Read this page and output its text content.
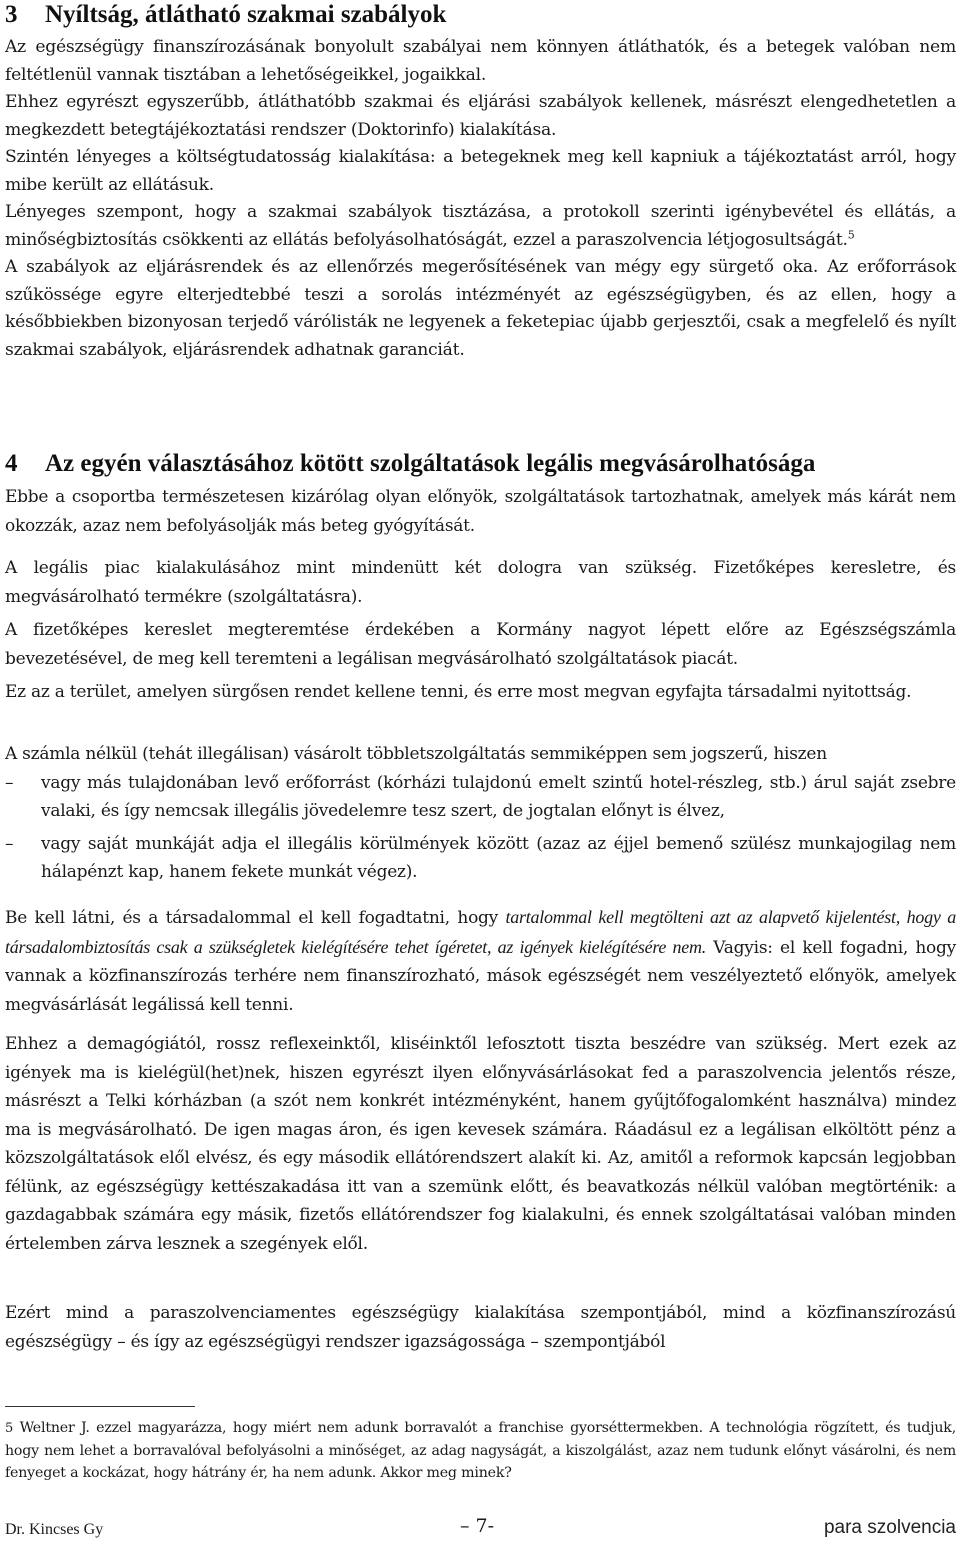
3 Nyíltság, átlátható szakmai szabályok

Az egészségügy finanszírozásának bonyolult szabályai nem könnyen átláthatók, és a betegek valóban nem feltétlenül vannak tisztában a lehetőségeikkel, jogaikkal.

Ehhez egyrészt egyszerűbb, átláthatóbb szakmai és eljárási szabályok kellenek, másrészt elengedhetetlen a megkezdett betegtájékoztatási rendszer (Doktorinfo) kialakítása.

Szintén lényeges a költségtudatosság kialakítása: a betegeknek meg kell kapniuk a tájékoztatást arról, hogy mibe került az ellátásuk.

Lényeges szempont, hogy a szakmai szabályok tisztázása, a protokoll szerinti igénybevétel és ellátás, a minőségbiztosítás csökkenti az ellátás befolyásolhatóságát, ezzel a paraszolvencia létjogosultságát.$^5$

A szabályok az eljárásrendek és az ellenőrzés megerősítésének van mégy egy sürgető oka. Az erőforrások szűkössége egyre elterjedtebbé teszi a sorolás intézményét az egészségügyben, és az ellen, hogy a későbbiekben bizonyosan terjedő várólisták ne legyenek a feketepiac újabb gerjesztői, csak a megfelelő és nyílt szakmai szabályok, eljárásrendek adhatnak garanciát.

4 Az egyén választásához kötött szolgáltatások legális megvásárolhatósága

Ebbe a csoportba természetesen kizárólag olyan előnyök, szolgáltatások tartozhatnak, amelyek más kárát nem okozzák, azaz nem befolyásolják más beteg gyógyítását.

A legális piac kialakulásához mint mindenütt két dologra van szükség. Fizetőképes keresletre, és megvásárolható termékre (szolgáltatásra).

A fizetőképes kereslet megteremtése érdekében a Kormány nagyot lépett előre az Egészségszámla bevezetésével, de meg kell teremteni a legálisan megvásárolható szolgáltatások piacát.

Ez az a terület, amelyen sürgősen rendet kellene tenni, és erre most megvan egyfajta társadalmi nyitottság.

A számla nélkül (tehát illegálisan) vásárolt többletszolgáltatás semmiképpen sem jogszerű, hiszen

– vagy más tulajdonában levő erőforrást (kórházi tulajdonú emelt szintű hotel-részleg, stb.) árul saját zsebre valaki, és így nemcsak illegális jövedelemre tesz szert, de jogtalan előnyt is élvez,
– vagy saját munkáját adja el illegális körülmények között (azaz az éjjel bemenő szülész munkajogilag nem hálapénzt kap, hanem fekete munkát végez).

Be kell látni, és a társadalommal el kell fogadtatni, hogy tartalommal kell megtölteni azt az alapvető kijelentést, hogy a társadalombiztosítás csak a szükségletek kielégítésére tehet ígéretet, az igények kielégítésére nem. Vagyis: el kell fogadni, hogy vannak a közfinanszírozás terhére nem finanszírozható, mások egészségét nem veszélyeztető előnyök, amelyek megvásárlását legálissá kell tenni.

Ehhez a demagógiától, rossz reflexeinktől, kliséinktől lefosztott tiszta beszédre van szükség. Mert ezek az igények ma is kielégül(het)nek, hiszen egyrészt ilyen előnyvásárlásokat fed a paraszolvencia jelentős része, másrészt a Telki kórházban (a szót nem konkrét intézményként, hanem gyűjtőfogalomként használva) mindez ma is megvásárolható. De igen magas áron, és igen kevesek számára. Ráadásul ez a legálisan elköltött pénz a közszolgáltatások elől elvész, és egy második ellátórendszert alakít ki. Az, amitől a reformok kapcsán legjobban félünk, az egészségügy kettészakadása itt van a szemünk előtt, és beavatkozás nélkül valóban megtörténik: a gazdagabbak számára egy másik, fizetős ellátórendszer fog kialakulni, és ennek szolgáltatásai valóban minden értelemben zárva lesznek a szegények elől.

Ezért mind a paraszolvenciamentes egészségügy kialakítása szempontjából, mind a közfinanszírozású egészségügy – és így az egészségügyi rendszer igazságossága – szempontjából

5 Weltner J. ezzel magyarázza, hogy miért nem adunk borravalót a franchise gyorséttermekben. A technológia rögzített, és tudjuk, hogy nem lehet a borravalóval befolyásolni a minőséget, az adag nagyságát, a kiszolgálást, azaz nem tudunk előnyt vásárolni, és nem fenyeget a kockázat, hogy hátrány ér, ha nem adunk. Akkor meg minek?
Dr. Kincses Gy	– 7-	para szolvencia
